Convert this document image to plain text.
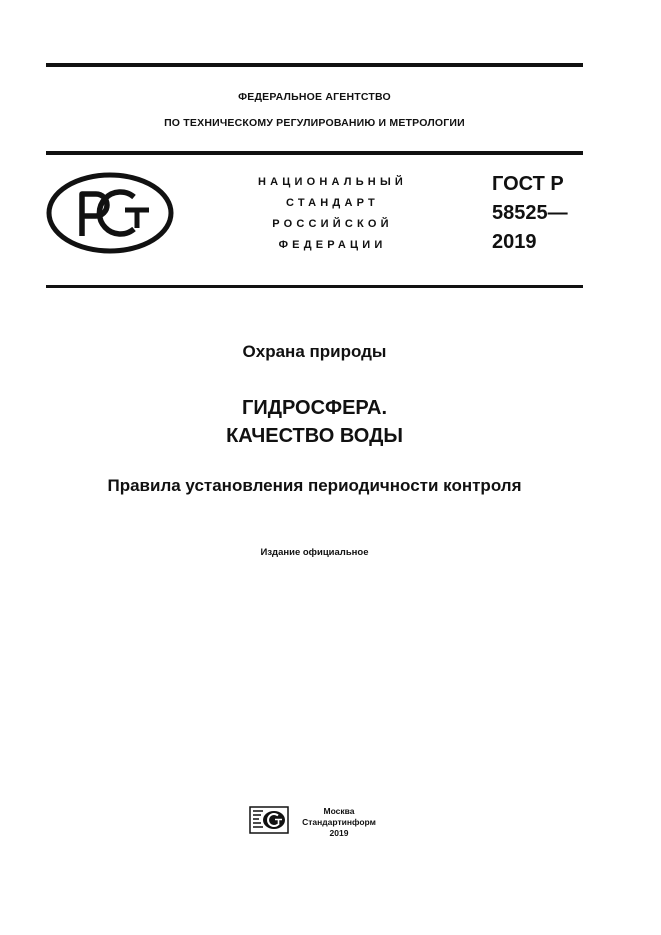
ФЕДЕРАЛЬНОЕ АГЕНТСТВО
ПО ТЕХНИЧЕСКОМУ РЕГУЛИРОВАНИЮ И МЕТРОЛОГИИ
НАЦИОНАЛЬНЫЙ
СТАНДАРТ
РОССИЙСКОЙ
ФЕДЕРАЦИИ
ГОСТ Р
58525—
2019
Охрана природы
ГИДРОСФЕРА.
КАЧЕСТВО ВОДЫ
Правила установления периодичности контроля
Издание официальное
Москва
Стандартинформ
2019
